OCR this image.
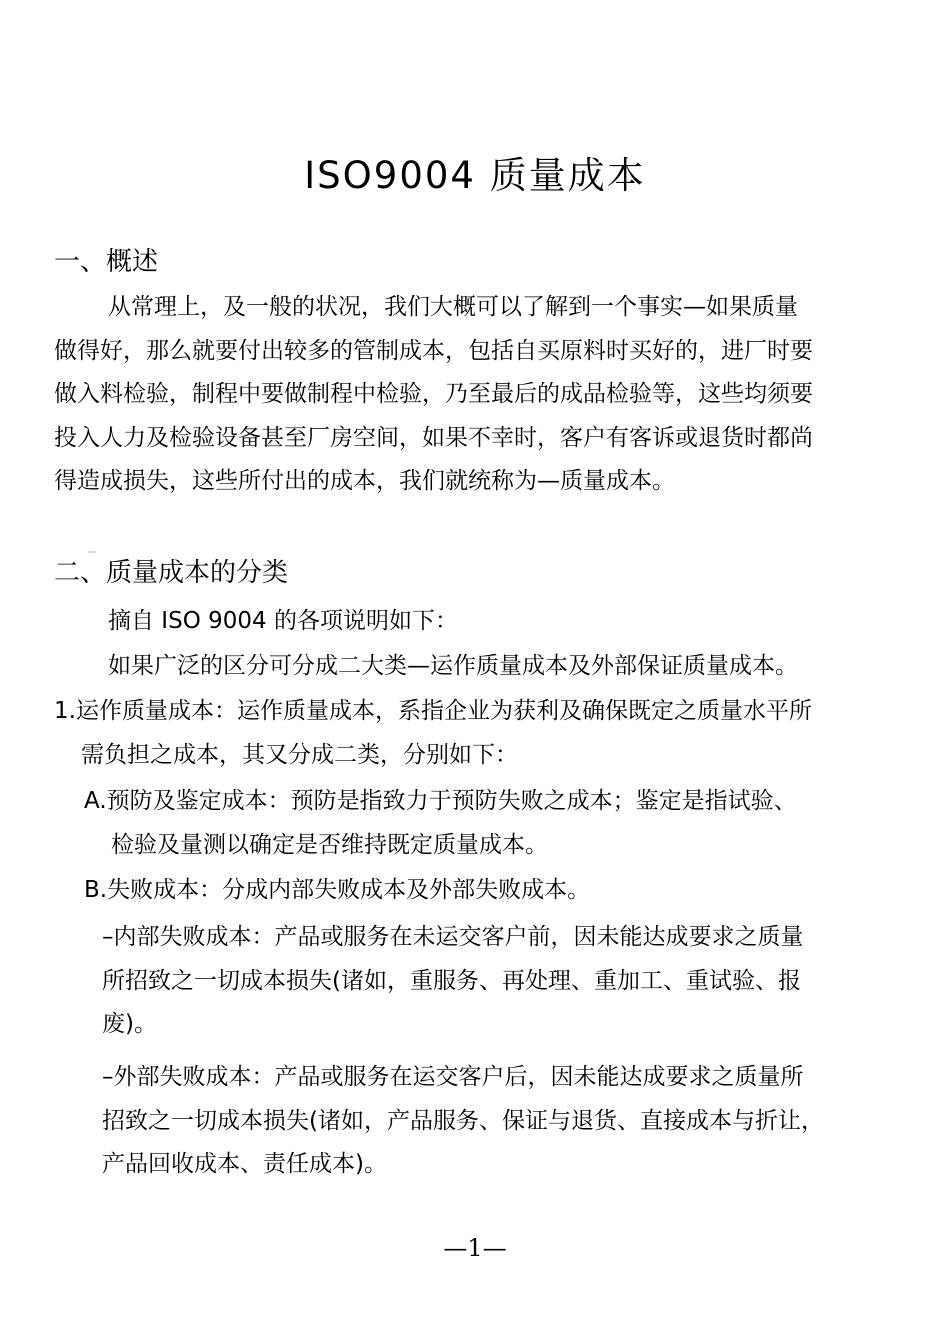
ISO9004 质量成本
一、概述
从常理上，及一般的状况，我们大概可以了解到一个事实—如果质量
做得好，那么就要付出较多的管制成本，包括自买原料时买好的，进厂时要
做入料检验，制程中要做制程中检验，乃至最后的成品检验等，这些均须要
投入人力及检验设备甚至厂房空间，如果不幸时，客户有客诉或退货时都尚
得造成损失，这些所付出的成本，我们就统称为—质量成本。
二、质量成本的分类
摘自 ISO 9004 的各项说明如下：
如果广泛的区分可分成二大类—运作质量成本及外部保证质量成本。
1.运作质量成本：运作质量成本，系指企业为获利及确保既定之质量水平所
需负担之成本，其又分成二类，分别如下：
A.预防及鉴定成本：预防是指致力于预防失败之成本；鉴定是指试验、
检验及量测以确定是否维持既定质量成本。
B.失败成本：分成内部失败成本及外部失败成本。
–内部失败成本：产品或服务在未运交客户前，因未能达成要求之质量
所招致之一切成本损失(诸如，重服务、再处理、重加工、重试验、报
废)。
–外部失败成本：产品或服务在运交客户后，因未能达成要求之质量所
招致之一切成本损失(诸如，产品服务、保证与退货、直接成本与折让，
产品回收成本、责任成本)。
—1—
